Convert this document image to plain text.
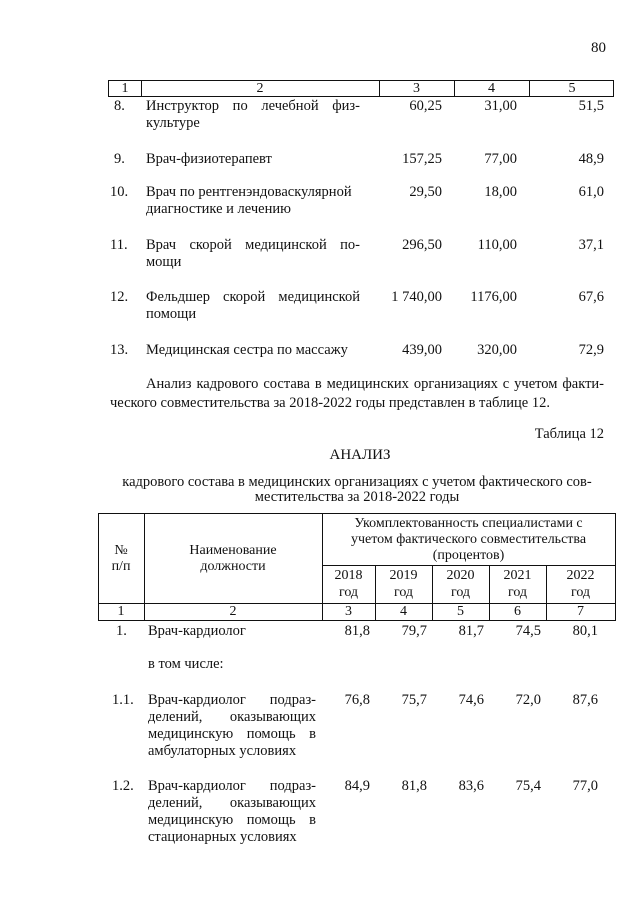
80
1	2	3	4	5
8. Инструктор по лечебной физ-
культуре
60,25	31,00	51,5
9. Врач-физиотерапевт	157,25	77,00	48,9
10. Врач по рентгенэндоваскулярной
диагностике и лечению
29,50	18,00	61,0
11. Врач скорой медицинской по-
мощи
296,50	110,00	37,1
12. Фельдшер скорой медицинской
помощи
1 740,00	1176,00	67,6
13. Медицинская сестра по массажу	439,00	320,00	72,9
Анализ кадрового состава в медицинских организациях с учетом факти-
ческого совместительства за 2018-2022 годы представлен в таблице 12.
Таблица 12
АНАЛИЗ
кадрового состава в медицинских организациях с учетом фактического сов-
местительства за 2018-2022 годы
№
п/п
Наименование
должности
Укомплектованность специалистами с
учетом фактического совместительства
(процентов)
2018	2019	2020	2021	2022
год	год	год	год	год
1	2	3	4	5	6	7
1. Врач-кардиолог	81,8	79,7	81,7	74,5	80,1
в том числе:
1.1. Врач-кардиолог подраз-
делений, оказывающих
медицинскую помощь в
амбулаторных условиях
76,8	75,7	74,6	72,0	87,6
1.2. Врач-кардиолог подраз-
делений, оказывающих
медицинскую помощь в
стационарных условиях
84,9	81,8	83,6	75,4	77,0
